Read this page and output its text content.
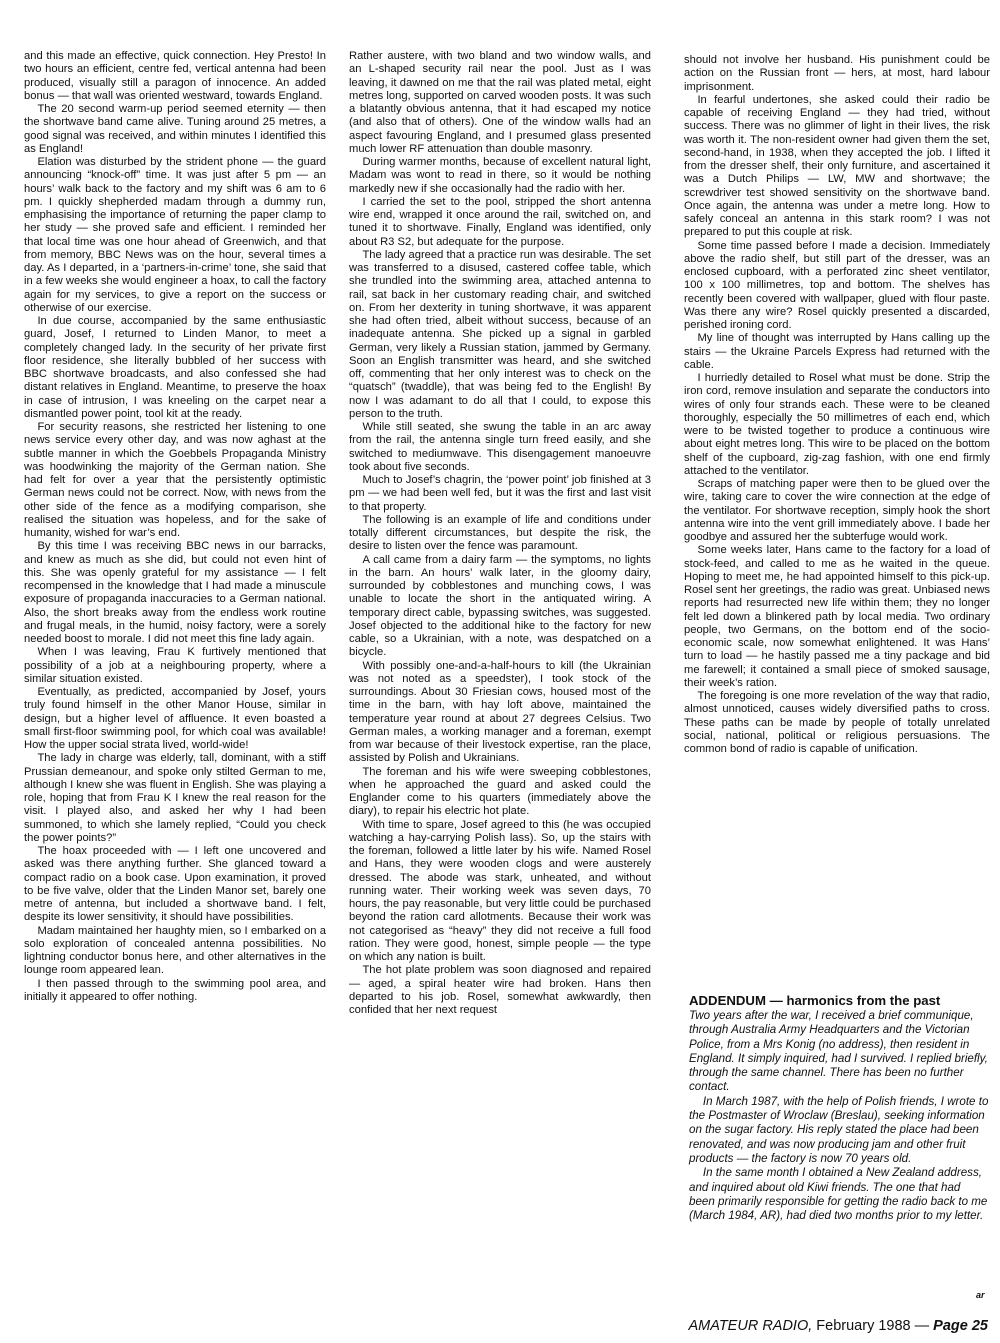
and this made an effective, quick connection. Hey Presto! In two hours an efficient, centre fed, vertical antenna had been produced, visually still a paragon of innocence. An added bonus — that wall was oriented westward, towards England.

The 20 second warm-up period seemed eternity — then the shortwave band came alive. Tuning around 25 metres, a good signal was received, and within minutes I identified this as England!

Elation was disturbed by the strident phone — the guard announcing “knock-off” time. It was just after 5 pm — an hours’ walk back to the factory and my shift was 6 am to 6 pm. I quickly shepherded madam through a dummy run, emphasising the importance of returning the paper clamp to her study — she proved safe and efficient. I reminded her that local time was one hour ahead of Greenwich, and that from memory, BBC News was on the hour, several times a day. As I departed, in a ‘partners-in-crime’ tone, she said that in a few weeks she would engineer a hoax, to call the factory again for my services, to give a report on the success or otherwise of our exercise.

In due course, accompanied by the same enthusiastic guard, Josef, I returned to Linden Manor, to meet a completely changed lady. In the security of her private first floor residence, she literally bubbled of her success with BBC shortwave broadcasts, and also confessed she had distant relatives in England. Meantime, to preserve the hoax in case of intrusion, I was kneeling on the carpet near a dismantled power point, tool kit at the ready.

For security reasons, she restricted her listening to one news service every other day, and was now aghast at the subtle manner in which the Goebbels Propaganda Ministry was hoodwinking the majority of the German nation. She had felt for over a year that the persistently optimistic German news could not be correct. Now, with news from the other side of the fence as a modifying comparison, she realised the situation was hopeless, and for the sake of humanity, wished for war’s end.

By this time I was receiving BBC news in our barracks, and knew as much as she did, but could not even hint of this. She was openly grateful for my assistance — I felt recompensed in the knowledge that I had made a minuscule exposure of propaganda inaccuracies to a German national. Also, the short breaks away from the endless work routine and frugal meals, in the humid, noisy factory, were a sorely needed boost to morale. I did not meet this fine lady again.

When I was leaving, Frau K furtively mentioned that possibility of a job at a neighbouring property, where a similar situation existed.

Eventually, as predicted, accompanied by Josef, yours truly found himself in the other Manor House, similar in design, but a higher level of affluence. It even boasted a small first-floor swimming pool, for which coal was available! How the upper social strata lived, world-wide!

The lady in charge was elderly, tall, dominant, with a stiff Prussian demeanour, and spoke only stilted German to me, although I knew she was fluent in English. She was playing a role, hoping that from Frau K I knew the real reason for the visit. I played also, and asked her why I had been summoned, to which she lamely replied, “Could you check the power points?”

The hoax proceeded with — I left one uncovered and asked was there anything further. She glanced toward a compact radio on a book case. Upon examination, it proved to be five valve, older that the Linden Manor set, barely one metre of antenna, but included a shortwave band. I felt, despite its lower sensitivity, it should have possibilities.

Madam maintained her haughty mien, so I embarked on a solo exploration of concealed antenna possibilities. No lightning conductor bonus here, and other alternatives in the lounge room appeared lean.

I then passed through to the swimming pool area, and initially it appeared to offer nothing.

Rather austere, with two bland and two window walls, and an L-shaped security rail near the pool. Just as I was leaving, it dawned on me that the rail was plated metal, eight metres long, supported on carved wooden posts. It was such a blatantly obvious antenna, that it had escaped my notice (and also that of others). One of the window walls had an aspect favouring England, and I presumed glass presented much lower RF attenuation than double masonry.

During warmer months, because of excellent natural light, Madam was wont to read in there, so it would be nothing markedly new if she occasionally had the radio with her.

I carried the set to the pool, stripped the short antenna wire end, wrapped it once around the rail, switched on, and tuned it to shortwave. Finally, England was identified, only about R3 S2, but adequate for the purpose.

The lady agreed that a practice run was desirable. The set was transferred to a disused, castered coffee table, which she trundled into the swimming area, attached antenna to rail, sat back in her customary reading chair, and switched on. From her dexterity in tuning shortwave, it was apparent she had often tried, albeit without success, because of an inadequate antenna. She picked up a signal in garbled German, very likely a Russian station, jammed by Germany. Soon an English transmitter was heard, and she switched off, commenting that her only interest was to check on the “quatsch” (twaddle), that was being fed to the English! By now I was adamant to do all that I could, to expose this person to the truth.

While still seated, she swung the table in an arc away from the rail, the antenna single turn freed easily, and she switched to mediumwave. This disengagement manoeuvre took about five seconds.

Much to Josef’s chagrin, the ‘power point’ job finished at 3 pm — we had been well fed, but it was the first and last visit to that property.

The following is an example of life and conditions under totally different circumstances, but despite the risk, the desire to listen over the fence was paramount.

A call came from a dairy farm — the symptoms, no lights in the barn. An hours’ walk later, in the gloomy dairy, surrounded by cobblestones and munching cows, I was unable to locate the short in the antiquated wiring. A temporary direct cable, bypassing switches, was suggested. Josef objected to the additional hike to the factory for new cable, so a Ukrainian, with a note, was despatched on a bicycle.

With possibly one-and-a-half-hours to kill (the Ukrainian was not noted as a speedster), I took stock of the surroundings. About 30 Friesian cows, housed most of the time in the barn, with hay loft above, maintained the temperature year round at about 27 degrees Celsius. Two German males, a working manager and a foreman, exempt from war because of their livestock expertise, ran the place, assisted by Polish and Ukrainians.

The foreman and his wife were sweeping cobblestones, when he approached the guard and asked could the Englander come to his quarters (immediately above the diary), to repair his electric hot plate.

With time to spare, Josef agreed to this (he was occupied watching a hay-carrying Polish lass). So, up the stairs with the foreman, followed a little later by his wife. Named Rosel and Hans, they were wooden clogs and were austerely dressed. The abode was stark, unheated, and without running water. Their working week was seven days, 70 hours, the pay reasonable, but very little could be purchased beyond the ration card allotments. Because their work was not categorised as “heavy” they did not receive a full food ration. They were good, honest, simple people — the type on which any nation is built.

The hot plate problem was soon diagnosed and repaired — aged, a spiral heater wire had broken. Hans then departed to his job. Rosel, somewhat awkwardly, then confided that her next request

should not involve her husband. His punishment could be action on the Russian front — hers, at most, hard labour imprisonment.

In fearful undertones, she asked could their radio be capable of receiving England — they had tried, without success. There was no glimmer of light in their lives, the risk was worth it. The non-resident owner had given them the set, second-hand, in 1938, when they accepted the job. I lifted it from the dresser shelf, their only furniture, and ascertained it was a Dutch Philips — LW, MW and shortwave; the screwdriver test showed sensitivity on the shortwave band. Once again, the antenna was under a metre long. How to safely conceal an antenna in this stark room? I was not prepared to put this couple at risk.

Some time passed before I made a decision. Immediately above the radio shelf, but still part of the dresser, was an enclosed cupboard, with a perforated zinc sheet ventilator, 100 x 100 millimetres, top and bottom. The shelves has recently been covered with wallpaper, glued with flour paste. Was there any wire? Rosel quickly presented a discarded, perished ironing cord.

My line of thought was interrupted by Hans calling up the stairs — the Ukraine Parcels Express had returned with the cable.

I hurriedly detailed to Rosel what must be done. Strip the iron cord, remove insulation and separate the conductors into wires of only four strands each. These were to be cleaned thoroughly, especially the 50 millimetres of each end, which were to be twisted together to produce a continuous wire about eight metres long. This wire to be placed on the bottom shelf of the cupboard, zig-zag fashion, with one end firmly attached to the ventilator.

Scraps of matching paper were then to be glued over the wire, taking care to cover the wire connection at the edge of the ventilator. For shortwave reception, simply hook the short antenna wire into the vent grill immediately above. I bade her goodbye and assured her the subterfuge would work.

Some weeks later, Hans came to the factory for a load of stock-feed, and called to me as he waited in the queue. Hoping to meet me, he had appointed himself to this pick-up. Rosel sent her greetings, the radio was great. Unbiased news reports had resurrected new life within them; they no longer felt led down a blinkered path by local media. Two ordinary people, two Germans, on the bottom end of the socio-economic scale, now somewhat enlightened. It was Hans’ turn to load — he hastily passed me a tiny package and bid me farewell; it contained a small piece of smoked sausage, their week’s ration.

The foregoing is one more revelation of the way that radio, almost unnoticed, causes widely diversified paths to cross. These paths can be made by people of totally unrelated social, national, political or religious persuasions. The common bond of radio is capable of unification.

ADDENDUM — harmonics from the past

Two years after the war, I received a brief communique, through Australia Army Headquarters and the Victorian Police, from a Mrs Konig (no address), then resident in England. It simply inquired, had I survived. I replied briefly, through the same channel. There has been no further contact.

In March 1987, with the help of Polish friends, I wrote to the Postmaster of Wroclaw (Breslau), seeking information on the sugar factory. His reply stated the place had been renovated, and was now producing jam and other fruit products — the factory is now 70 years old.

In the same month I obtained a New Zealand address, and inquired about old Kiwi friends. The one that had been primarily responsible for getting the radio back to me (March 1984, AR), had died two months prior to my letter.

ar
AMATEUR RADIO, February 1988 — Page 25
